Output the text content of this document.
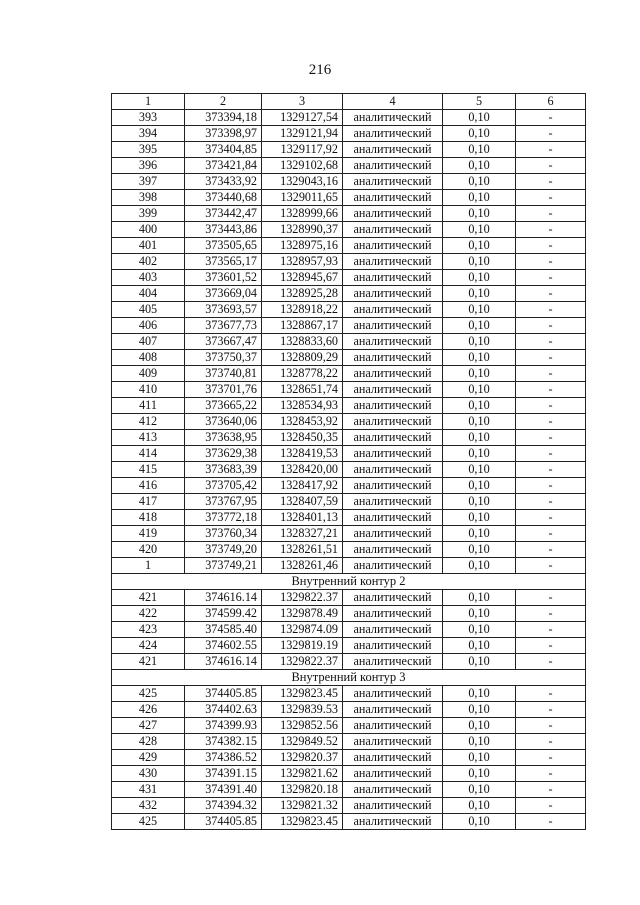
216
1	2	3	4	5	6
393	373394,18	1329127,54	аналитический	0,10	-
394	373398,97	1329121,94	аналитический	0,10	-
395	373404,85	1329117,92	аналитический	0,10	-
396	373421,84	1329102,68	аналитический	0,10	-
397	373433,92	1329043,16	аналитический	0,10	-
398	373440,68	1329011,65	аналитический	0,10	-
399	373442,47	1328999,66	аналитический	0,10	-
400	373443,86	1328990,37	аналитический	0,10	-
401	373505,65	1328975,16	аналитический	0,10	-
402	373565,17	1328957,93	аналитический	0,10	-
403	373601,52	1328945,67	аналитический	0,10	-
404	373669,04	1328925,28	аналитический	0,10	-
405	373693,57	1328918,22	аналитический	0,10	-
406	373677,73	1328867,17	аналитический	0,10	-
407	373667,47	1328833,60	аналитический	0,10	-
408	373750,37	1328809,29	аналитический	0,10	-
409	373740,81	1328778,22	аналитический	0,10	-
410	373701,76	1328651,74	аналитический	0,10	-
411	373665,22	1328534,93	аналитический	0,10	-
412	373640,06	1328453,92	аналитический	0,10	-
413	373638,95	1328450,35	аналитический	0,10	-
414	373629,38	1328419,53	аналитический	0,10	-
415	373683,39	1328420,00	аналитический	0,10	-
416	373705,42	1328417,92	аналитический	0,10	-
417	373767,95	1328407,59	аналитический	0,10	-
418	373772,18	1328401,13	аналитический	0,10	-
419	373760,34	1328327,21	аналитический	0,10	-
420	373749,20	1328261,51	аналитический	0,10	-
1	373749,21	1328261,46	аналитический	0,10	-
Внутренний контур 2					
421	374616.14	1329822.37	аналитический	0,10	-
422	374599.42	1329878.49	аналитический	0,10	-
423	374585.40	1329874.09	аналитический	0,10	-
424	374602.55	1329819.19	аналитический	0,10	-
421	374616.14	1329822.37	аналитический	0,10	-
Внутренний контур 3					
425	374405.85	1329823.45	аналитический	0,10	-
426	374402.63	1329839.53	аналитический	0,10	-
427	374399.93	1329852.56	аналитический	0,10	-
428	374382.15	1329849.52	аналитический	0,10	-
429	374386.52	1329820.37	аналитический	0,10	-
430	374391.15	1329821.62	аналитический	0,10	-
431	374391.40	1329820.18	аналитический	0,10	-
432	374394.32	1329821.32	аналитический	0,10	-
425	374405.85	1329823.45	аналитический	0,10	-
